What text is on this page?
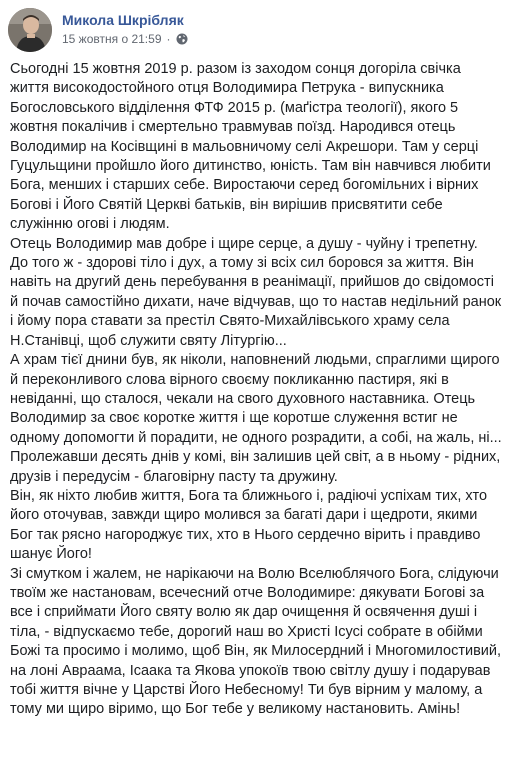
Микола Шкрібляк
15 жовтня о 21:59 ·
Сьогодні 15 жовтня 2019 р. разом із заходом сонця догоріла свічка
життя високодостойного отця Володимира Петрука - випускника
Богословського відділення ФТФ 2015 р. (маґістра теології), якого 5
жовтня покалічив і смертельно травмував поїзд. Народився отець
Володимир на Косівщині в мальовничому селі Акрешори. Там у серці
Гуцульщини пройшло його дитинство, юність. Там він навчився любити
Бога, менших і старших себе. Виростаючи серед богомільних і вірних
Богові і Його Святій Церкві батьків, він вирішив присвятити себе
служінню огові і людям.
Отець Володимир мав добре і щире серце, а душу - чуйну і трепетну.
До того ж - здорові тіло і дух, а тому зі всіх сил боровся за життя. Він
навіть на другий день перебування в реанімації, прийшов до свідомості
й почав самостійно дихати, наче відчував, що то настав недільний ранок
і йому пора ставати за престіл Свято-Михайлівського храму села
Н.Станівці, щоб служити святу Літургію...
А храм тієї днини був, як ніколи, наповнений людьми, спраглими щирого
й переконливого слова вірного своєму покликанню пастиря, які в
невіданні, що сталося, чекали на свого духовного наставника. Отець
Володимир за своє коротке життя і ще коротше служення встиг не
одному допомогти й порадити, не одного розрадити, а собі, на жаль, ні...
Пролежавши десять днів у комі, він залишив цей світ, а в ньому - рідних,
друзів і передусім - благовірну пасту та дружину.
Він, як ніхто любив життя, Бога та ближнього і, радіючі успіхам тих, хто
його оточував, завжди щиро молився за багаті дари і щедроти, якими
Бог так рясно нагороджує тих, хто в Нього сердечно вірить і правдиво
шанує Його!
Зі смутком і жалем, не нарікаючи на Волю Вселюблячого Бога, слідуючи
твоїм же настановам, всечесний отче Володимире: дякувати Богові за
все і сприймати Його святу волю як дар очищення й освячення душі і
тіла, - відпускаємо тебе, дорогий наш во Христі Ісусі собрате в обійми
Божі та просимо і молимо, щоб Він, як Милосердний і Многомилостивий,
на лоні Авраама, Ісаака та Якова упокоїв твою світлу душу і подарував
тобі життя вічне у Царстві Його Небесному! Ти був вірним у малому, а
тому ми щиро віримо, що Бог тебе у великому настановить. Амінь!
